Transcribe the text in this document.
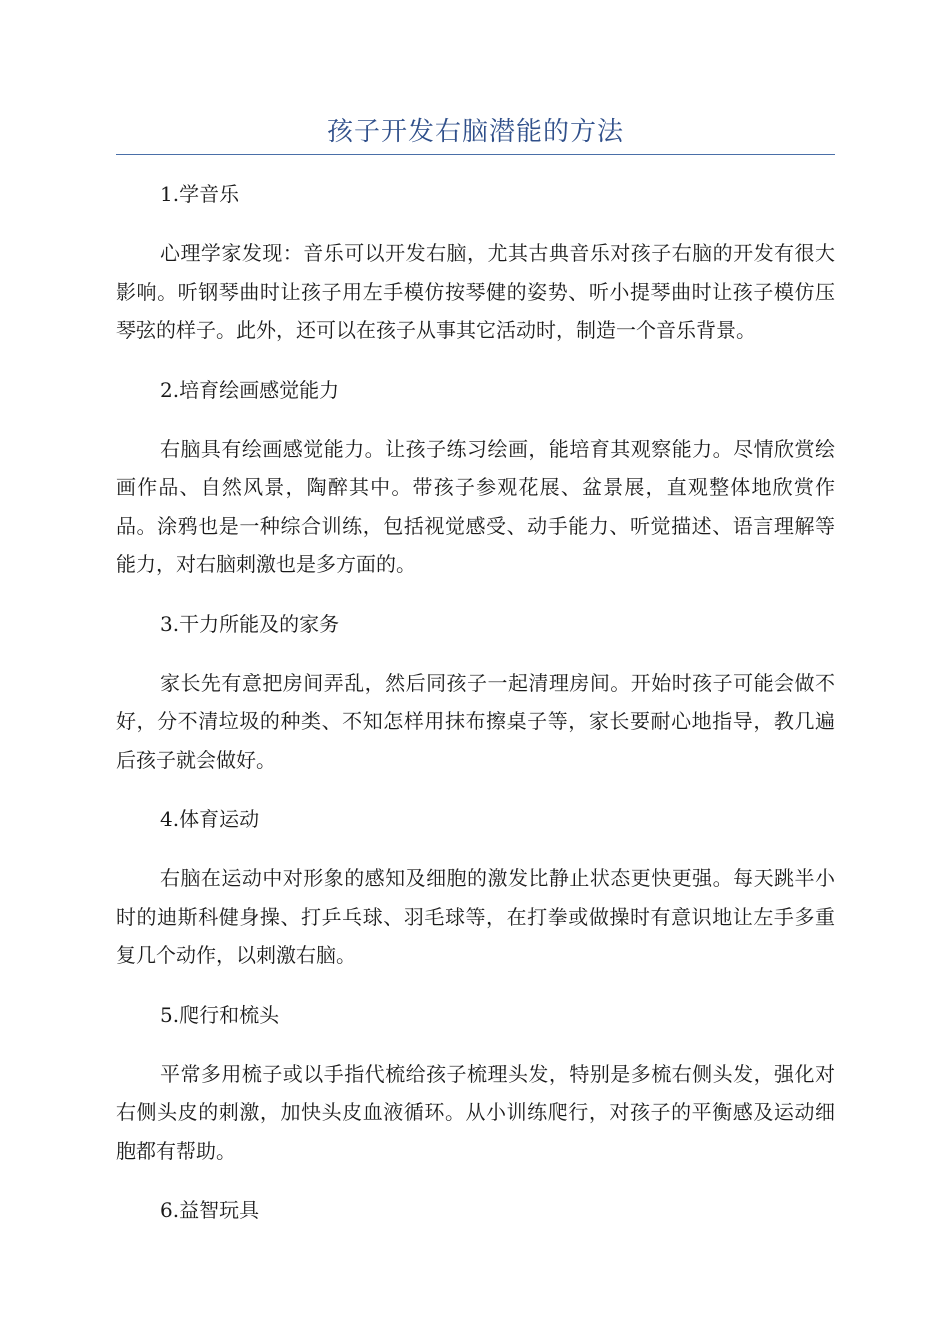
孩子开发右脑潜能的方法
1.学音乐
心理学家发现：音乐可以开发右脑，尤其古典音乐对孩子右脑的开发有很大影响。听钢琴曲时让孩子用左手模仿按琴健的姿势、听小提琴曲时让孩子模仿压琴弦的样子。此外，还可以在孩子从事其它活动时，制造一个音乐背景。
2.培育绘画感觉能力
右脑具有绘画感觉能力。让孩子练习绘画，能培育其观察能力。尽情欣赏绘画作品、自然风景，陶醉其中。带孩子参观花展、盆景展，直观整体地欣赏作品。涂鸦也是一种综合训练，包括视觉感受、动手能力、听觉描述、语言理解等能力，对右脑刺激也是多方面的。
3.干力所能及的家务
家长先有意把房间弄乱，然后同孩子一起清理房间。开始时孩子可能会做不好，分不清垃圾的种类、不知怎样用抹布擦桌子等，家长要耐心地指导，教几遍后孩子就会做好。
4.体育运动
右脑在运动中对形象的感知及细胞的激发比静止状态更快更强。每天跳半小时的迪斯科健身操、打乒乓球、羽毛球等，在打拳或做操时有意识地让左手多重复几个动作，以刺激右脑。
5.爬行和梳头
平常多用梳子或以手指代梳给孩子梳理头发，特别是多梳右侧头发，强化对右侧头皮的刺激，加快头皮血液循环。从小训练爬行，对孩子的平衡感及运动细胞都有帮助。
6.益智玩具
